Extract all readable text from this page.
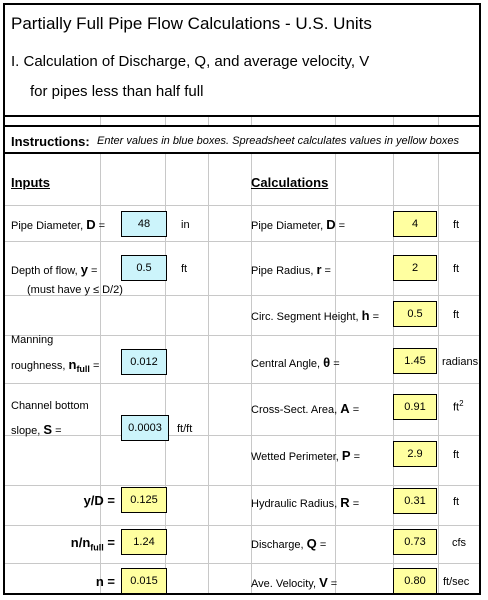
Partially Full Pipe Flow Calculations - U.S. Units
I. Calculation of Discharge, Q, and average velocity, V
for pipes less than half full
Instructions: Enter values in blue boxes. Spreadsheet calculates values in yellow boxes
Inputs	Calculations
Pipe Diameter, D =	48	in
Depth of flow, y =	0.5	ft
(must have y ≤ D/2)
Manning
roughness, $n_{full}$ =	0.012
Channel bottom
slope, S =	0.0003	ft/ft
y/D =	0.125
$n/n_{full}$ =	1.24
n =	0.015
Pipe Diameter, D =	4	ft
Pipe Radius, r =	2	ft
Circ. Segment Height, h =	0.5	ft
Central Angle, θ =	1.45	radians
Cross-Sect. Area, A =	0.91	$ft^2$
Wetted Perimeter, P =	2.9	ft
Hydraulic Radius, R =	0.31	ft
Discharge, Q =	0.73	cfs
Ave. Velocity, V =	0.80	ft/sec
